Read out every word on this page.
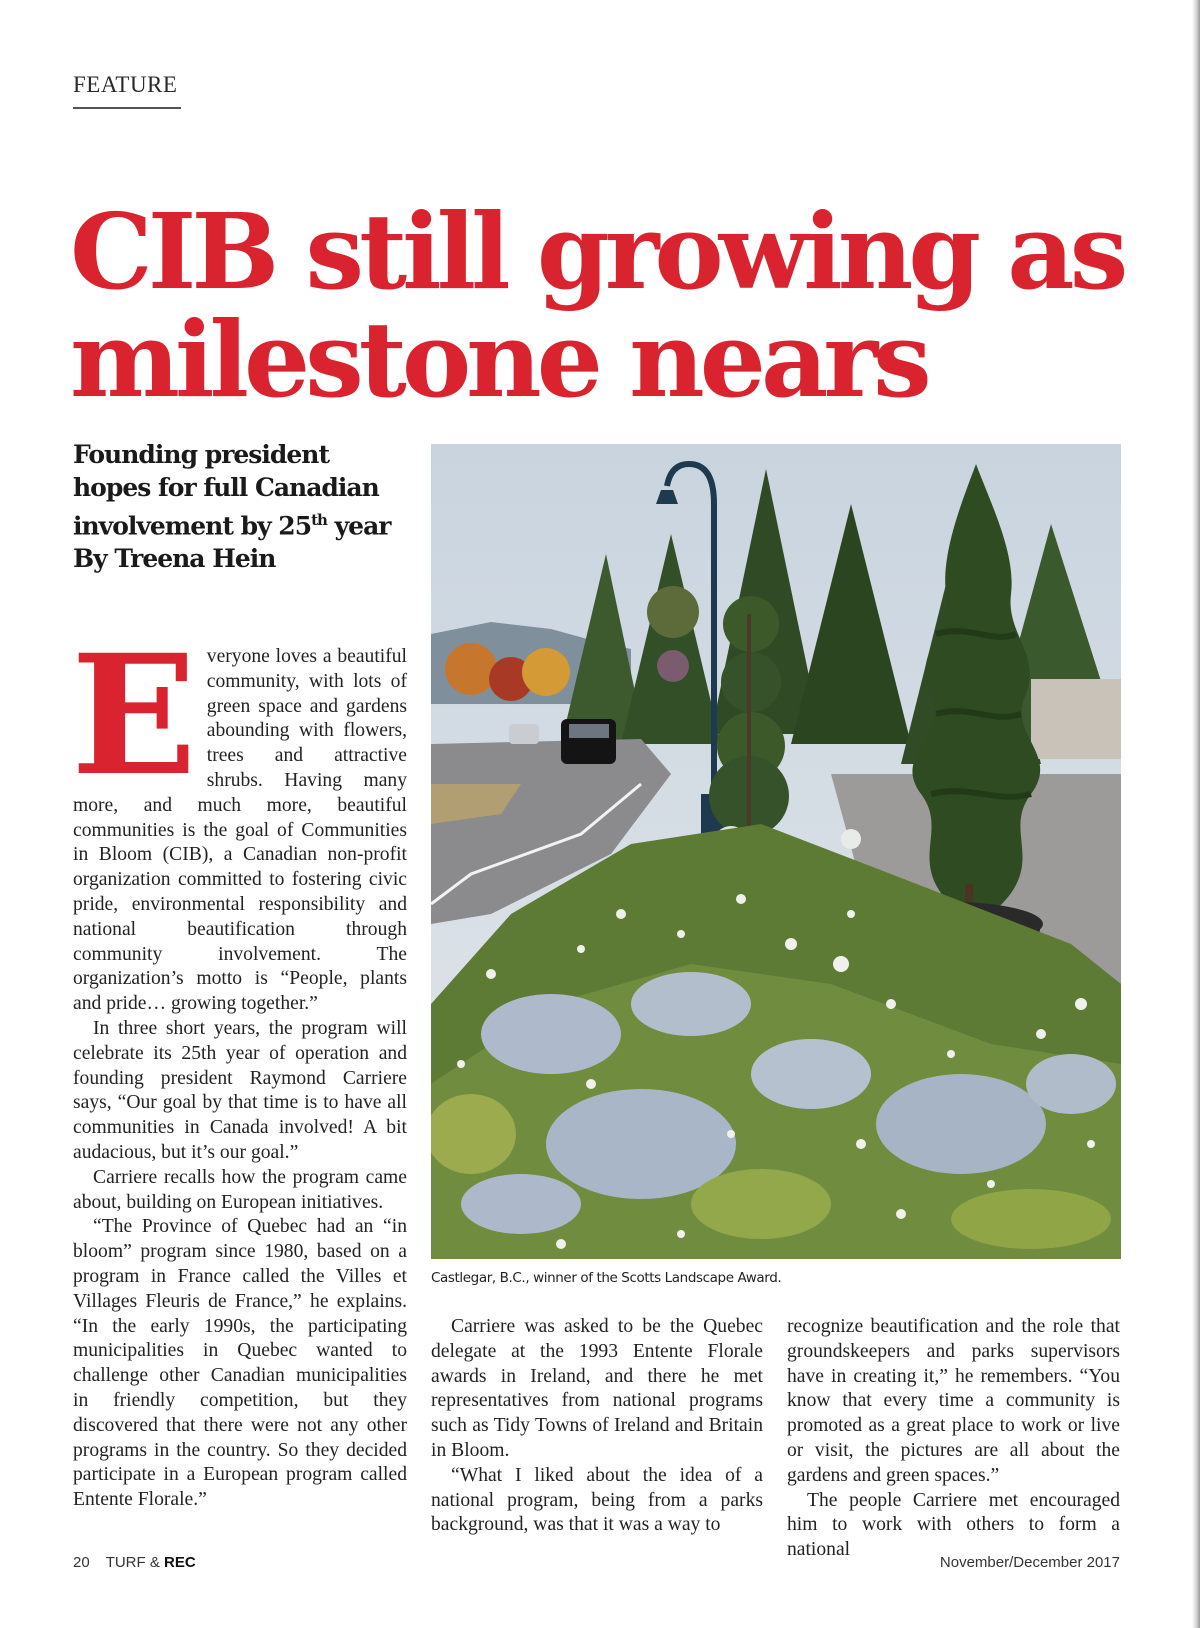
FEATURE
CIB still growing as milestone nears
Founding president hopes for full Canadian involvement by 25th year
By Treena Hein
E veryone loves a beautiful community, with lots of green space and gardens abounding with flowers, trees and attractive shrubs. Having many more, and much more, beautiful communities is the goal of Communities in Bloom (CIB), a Canadian non-profit organization committed to fostering civic pride, environmental responsibility and national beautification through community involvement. The organization’s motto is “People, plants and pride… growing together.”

In three short years, the program will celebrate its 25th year of operation and founding president Raymond Carriere says, “Our goal by that time is to have all communities in Canada involved! A bit audacious, but it’s our goal.”

Carriere recalls how the program came about, building on European initiatives.

“The Province of Quebec had an “in bloom” program since 1980, based on a program in France called the Villes et Villages Fleuris de France,” he explains. “In the early 1990s, the participating municipalities in Quebec wanted to challenge other Canadian municipalities in friendly competition, but they discovered that there were not any other programs in the country. So they decided participate in a European program called Entente Florale.”

Castlegar, B.C., winner of the Scotts Landscape Award.

Carriere was asked to be the Quebec delegate at the 1993 Entente Florale awards in Ireland, and there he met representatives from national programs such as Tidy Towns of Ireland and Britain in Bloom.

“What I liked about the idea of a national program, being from a parks background, was that it was a way to

recognize beautification and the role that groundskeepers and parks supervisors have in creating it,” he remembers. “You know that every time a community is promoted as a great place to work or live or visit, the pictures are all about the gardens and green spaces.”

The people Carriere met encouraged him to work with others to form a national

20 TURF & REC	November/December 2017
